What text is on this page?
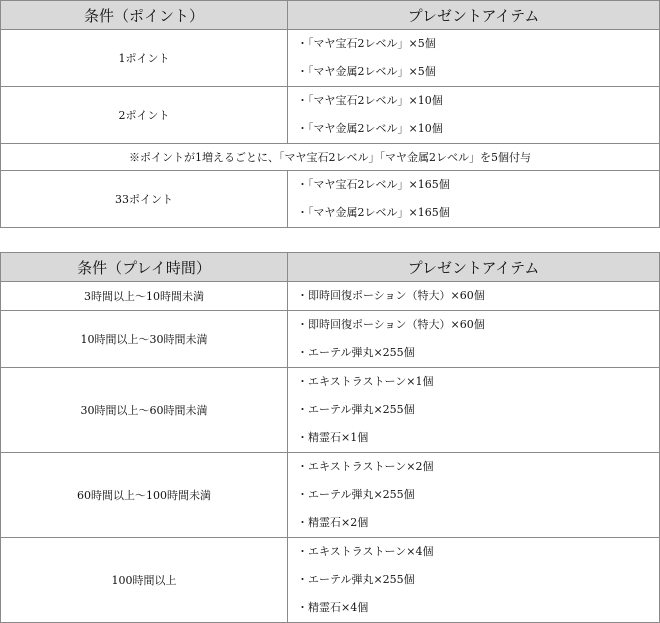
条件（ポイント）	プレゼントアイテム
1ポイント	・「マヤ宝石2レベル」×5個
・「マヤ金属2レベル」×5個

2ポイント	・「マヤ宝石2レベル」×10個
・「マヤ金属2レベル」×10個

※ポイントが1増えるごとに、「マヤ宝石2レベル」「マヤ金属2レベル」を5個付与	
33ポイント	・「マヤ宝石2レベル」×165個
・「マヤ金属2レベル」×165個
条件（プレイ時間）	プレゼントアイテム
3時間以上～10時間未満	・即時回復ポーション（特大）×60個

10時間以上～30時間未満	・即時回復ポーション（特大）×60個
・エーテル弾丸×255個

30時間以上～60時間未満	・エキストラストーン×1個
・エーテル弾丸×255個
・精霊石×1個

60時間以上～100時間未満	・エキストラストーン×2個
・エーテル弾丸×255個
・精霊石×2個

100時間以上	・エキストラストーン×4個
・エーテル弾丸×255個
・精霊石×4個
